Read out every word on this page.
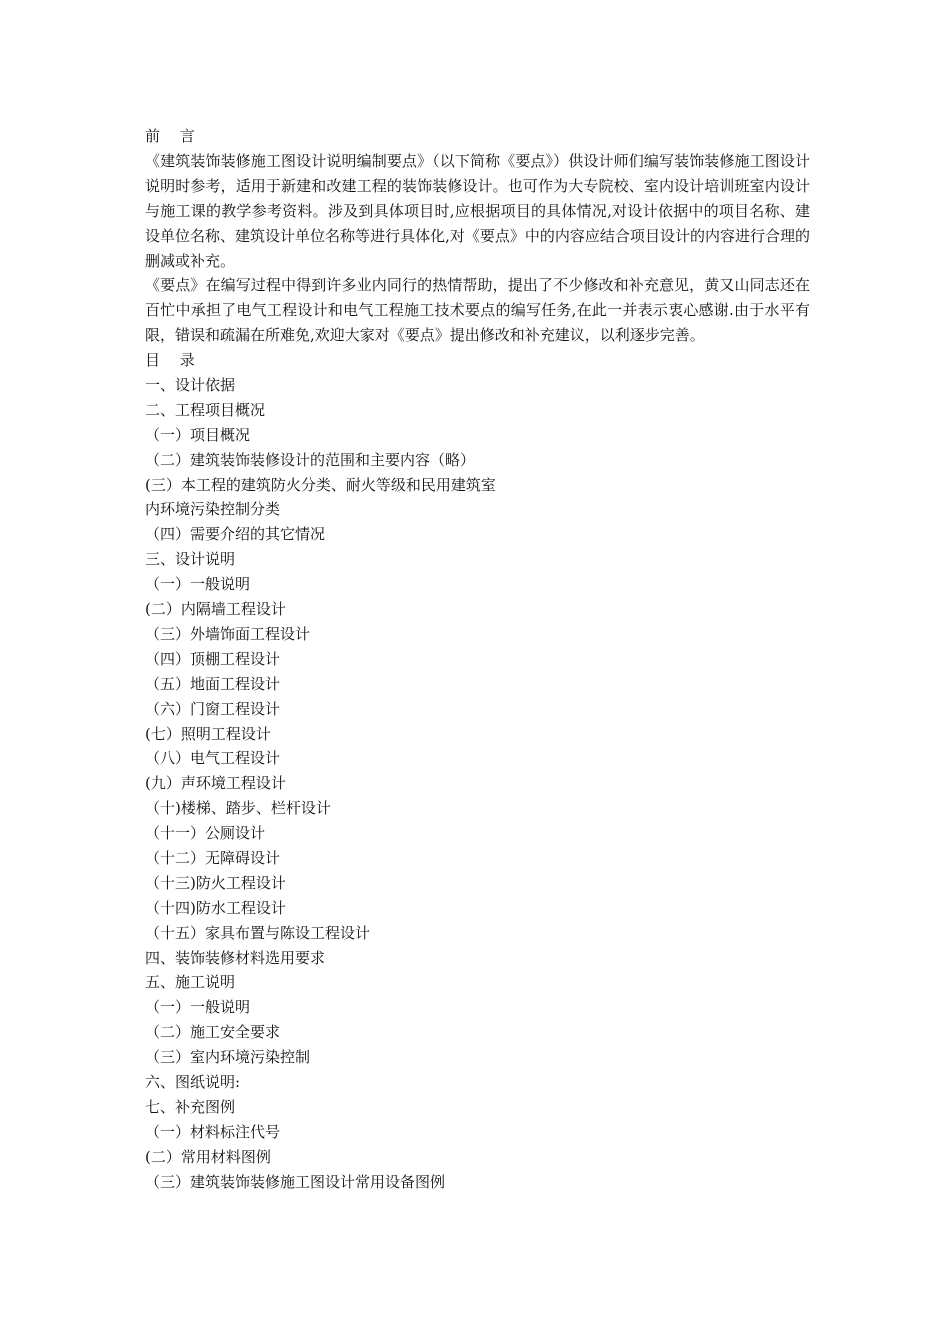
前 言

《建筑装饰装修施工图设计说明编制要点》（以下简称《要点》）供设计师们编写装饰装修施工图设计说明时参考，适用于新建和改建工程的装饰装修设计。也可作为大专院校、室内设计培训班室内设计与施工课的教学参考资料。涉及到具体项目时,应根据项目的具体情况,对设计依据中的项目名称、建设单位名称、建筑设计单位名称等进行具体化,对《要点》中的内容应结合项目设计的内容进行合理的删减或补充。

《要点》在编写过程中得到许多业内同行的热情帮助，提出了不少修改和补充意见，黄又山同志还在百忙中承担了电气工程设计和电气工程施工技术要点的编写任务,在此一并表示衷心感谢.由于水平有限，错误和疏漏在所难免,欢迎大家对《要点》提出修改和补充建议，以利逐步完善。

目 录
一、设计依据
二、工程项目概况
（一）项目概况
（二）建筑装饰装修设计的范围和主要内容（略）
(三）本工程的建筑防火分类、耐火等级和民用建筑室
内环境污染控制分类
（四）需要介绍的其它情况
三、设计说明
（一）一般说明
(二）内隔墙工程设计
（三）外墙饰面工程设计
（四）顶棚工程设计
（五）地面工程设计
（六）门窗工程设计
(七）照明工程设计
（八）电气工程设计
(九）声环境工程设计
（十)楼梯、踏步、栏杆设计
（十一）公厕设计
（十二）无障碍设计
（十三)防火工程设计
（十四)防水工程设计
（十五）家具布置与陈设工程设计
四、装饰装修材料选用要求
五、施工说明
（一）一般说明
（二）施工安全要求
（三）室内环境污染控制
六、图纸说明:
七、补充图例
（一）材料标注代号
(二）常用材料图例
（三）建筑装饰装修施工图设计常用设备图例
